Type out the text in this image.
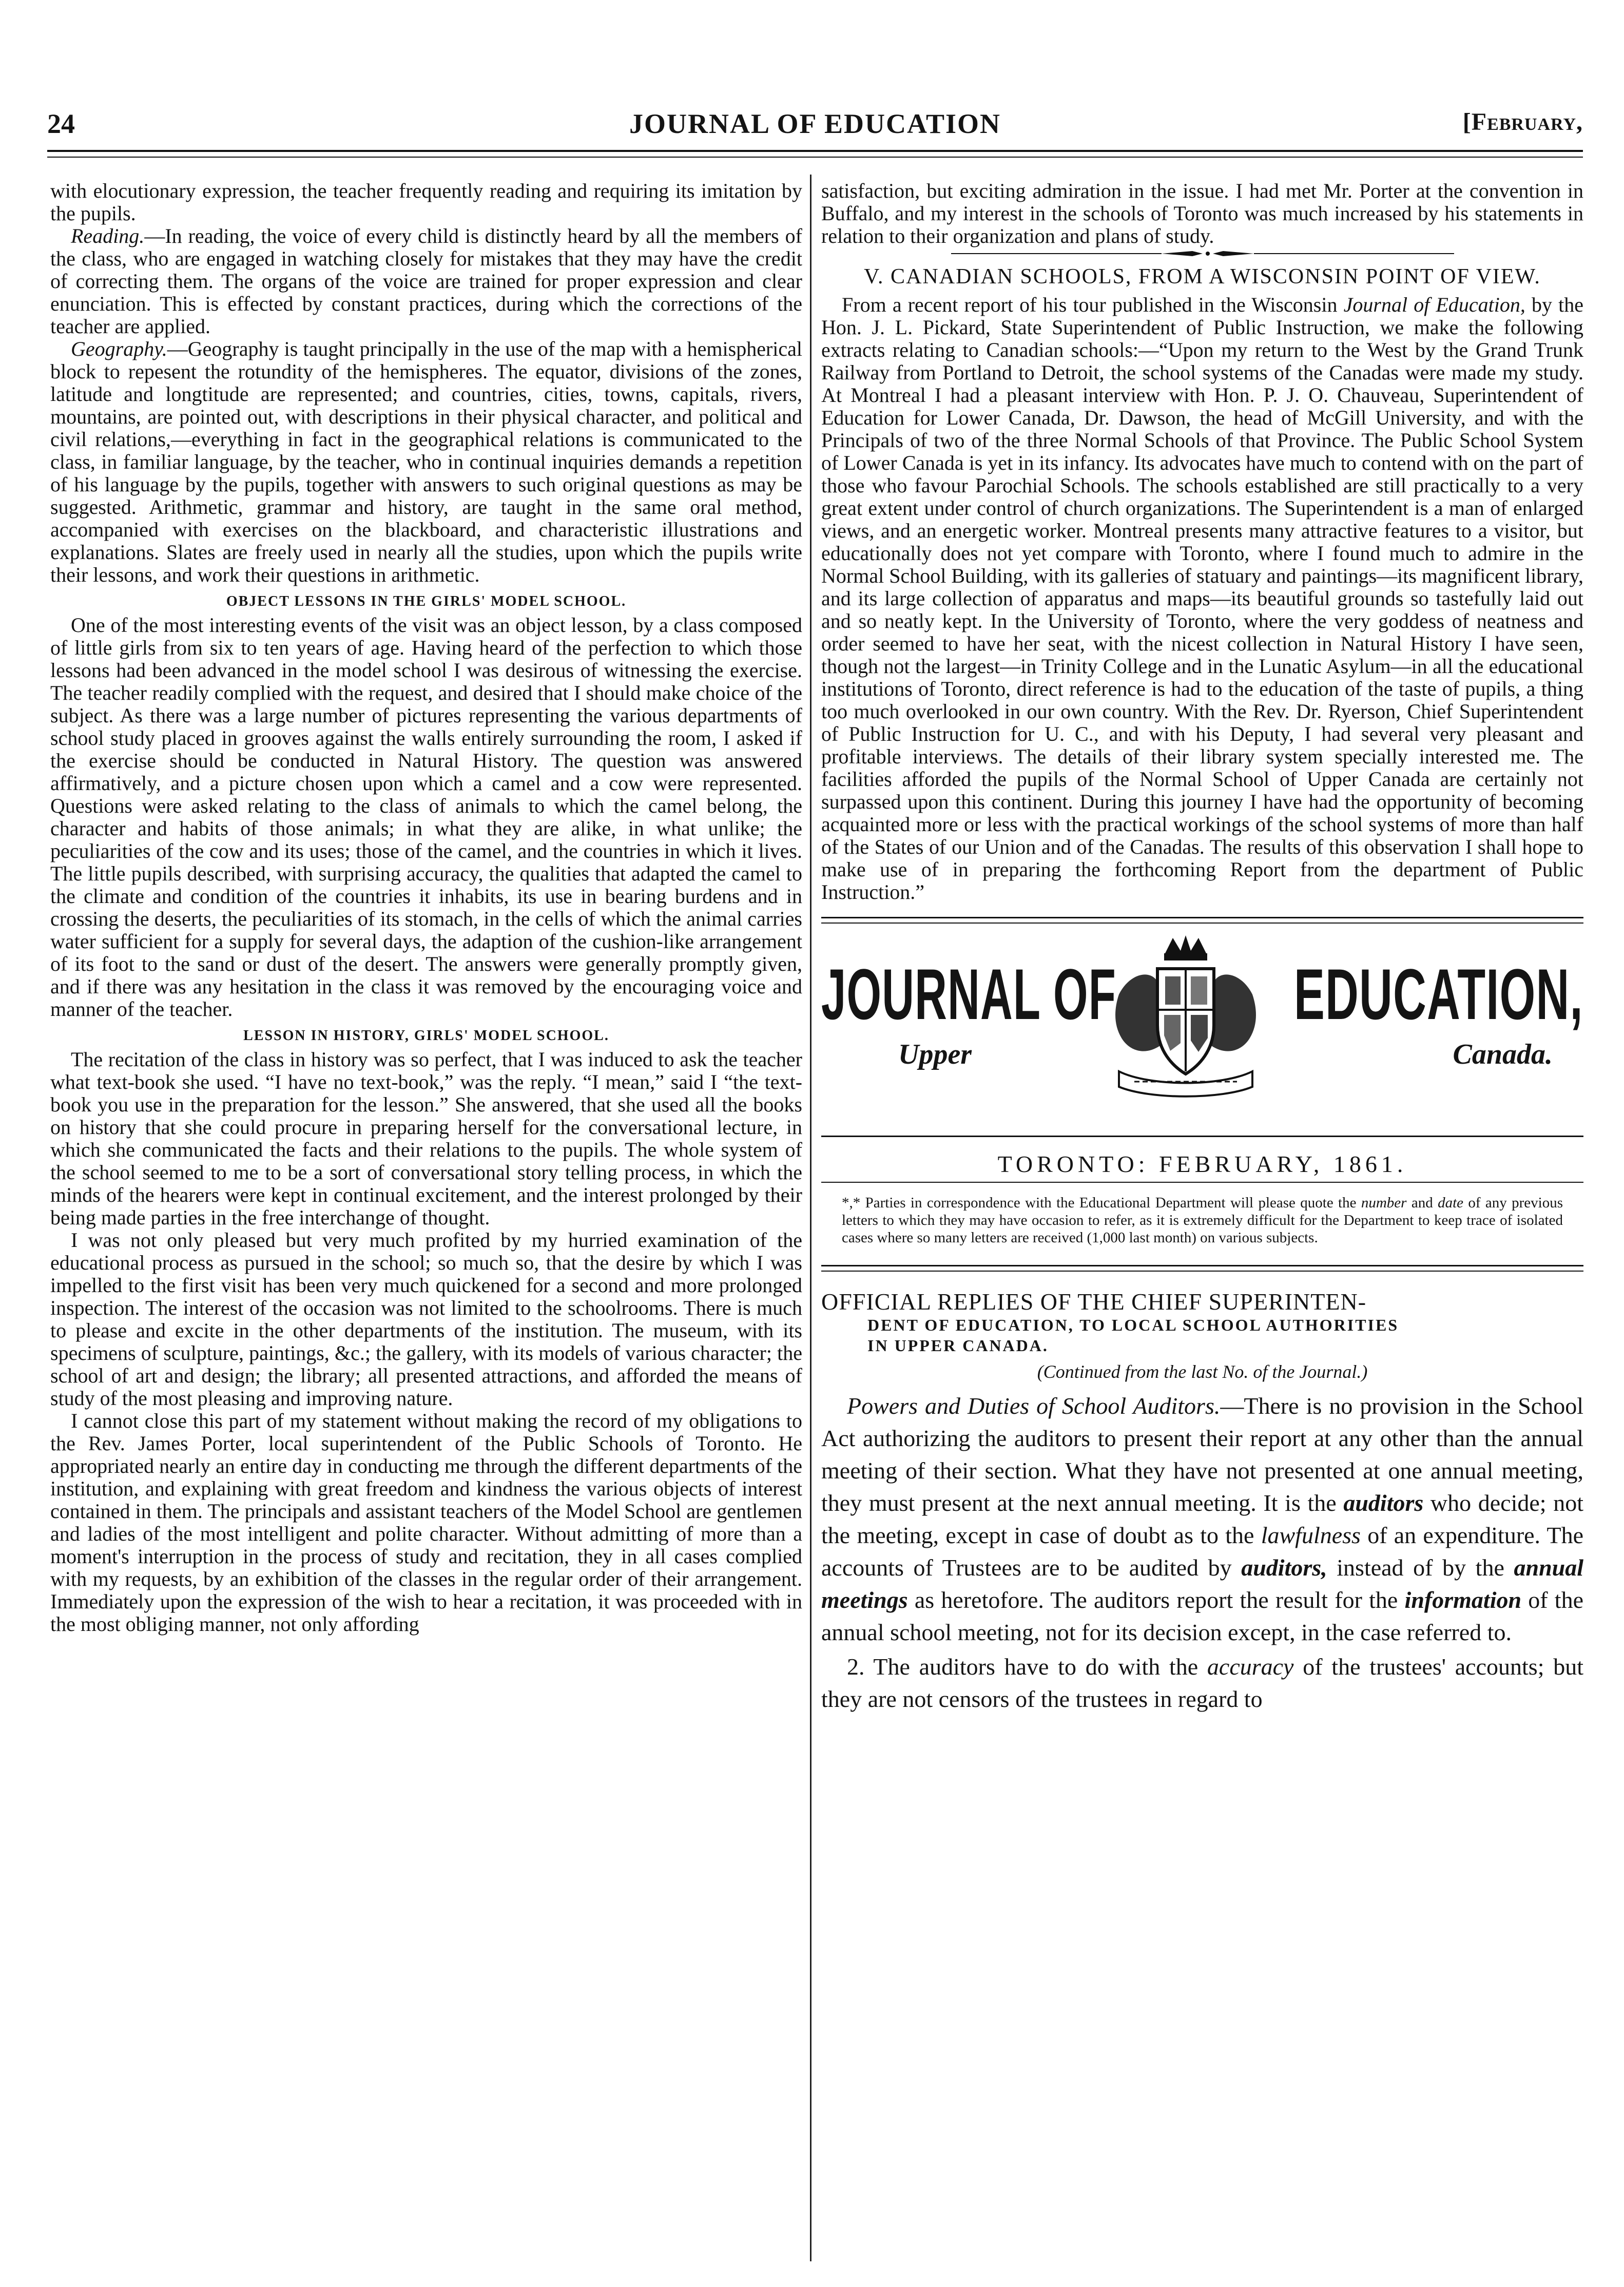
24	JOURNAL OF EDUCATION	[February,

with elocutionary expression, the teacher frequently reading and requiring its imitation by the pupils.

Reading.—In reading, the voice of every child is distinctly heard by all the members of the class, who are engaged in watching closely for mistakes that they may have the credit of correcting them. The organs of the voice are trained for proper expression and clear enunciation. This is effected by constant practices, during which the corrections of the teacher are applied.

Geography.—Geography is taught principally in the use of the map with a hemispherical block to repesent the rotundity of the hemispheres. The equator, divisions of the zones, latitude and longtitude are represented; and countries, cities, towns, capitals, rivers, mountains, are pointed out, with descriptions in their physical character, and political and civil relations,—everything in fact in the geographical relations is communicated to the class, in familiar language, by the teacher, who in continual inquiries demands a repetition of his language by the pupils, together with answers to such original questions as may be suggested. Arithmetic, grammar and history, are taught in the same oral method, accompanied with exercises on the blackboard, and characteristic illustrations and explanations. Slates are freely used in nearly all the studies, upon which the pupils write their lessons, and work their questions in arithmetic.

OBJECT LESSONS IN THE GIRLS' MODEL SCHOOL.

One of the most interesting events of the visit was an object lesson, by a class composed of little girls from six to ten years of age. Having heard of the perfection to which those lessons had been advanced in the model school I was desirous of witnessing the exercise. The teacher readily complied with the request, and desired that I should make choice of the subject. As there was a large number of pictures representing the various departments of school study placed in grooves against the walls entirely surrounding the room, I asked if the exercise should be conducted in Natural History. The question was answered affirmatively, and a picture chosen upon which a camel and a cow were represented. Questions were asked relating to the class of animals to which the camel belong, the character and habits of those animals; in what they are alike, in what unlike; the peculiarities of the cow and its uses; those of the camel, and the countries in which it lives. The little pupils described, with surprising accuracy, the qualities that adapted the camel to the climate and condition of the countries it inhabits, its use in bearing burdens and in crossing the deserts, the peculiarities of its stomach, in the cells of which the animal carries water sufficient for a supply for several days, the adaption of the cushion-like arrangement of its foot to the sand or dust of the desert. The answers were generally promptly given, and if there was any hesitation in the class it was removed by the encouraging voice and manner of the teacher.

LESSON IN HISTORY, GIRLS' MODEL SCHOOL.

The recitation of the class in history was so perfect, that I was induced to ask the teacher what text-book she used. “I have no text-book,” was the reply. “I mean,” said I “the text-book you use in the preparation for the lesson.” She answered, that she used all the books on history that she could procure in preparing herself for the conversational lecture, in which she communicated the facts and their relations to the pupils. The whole system of the school seemed to me to be a sort of conversational story telling process, in which the minds of the hearers were kept in continual excitement, and the interest prolonged by their being made parties in the free interchange of thought.

I was not only pleased but very much profited by my hurried examination of the educational process as pursued in the school; so much so, that the desire by which I was impelled to the first visit has been very much quickened for a second and more prolonged inspection. The interest of the occasion was not limited to the schoolrooms. There is much to please and excite in the other departments of the institution. The museum, with its specimens of sculpture, paintings, &c.; the gallery, with its models of various character; the school of art and design; the library; all presented attractions, and afforded the means of study of the most pleasing and improving nature.

I cannot close this part of my statement without making the record of my obligations to the Rev. James Porter, local superintendent of the Public Schools of Toronto. He appropriated nearly an entire day in conducting me through the different departments of the institution, and explaining with great freedom and kindness the various objects of interest contained in them. The principals and assistant teachers of the Model School are gentlemen and ladies of the most intelligent and polite character. Without admitting of more than a moment's interruption in the process of study and recitation, they in all cases complied with my requests, by an exhibition of the classes in the regular order of their arrangement. Immediately upon the expression of the wish to hear a recitation, it was proceeded with in the most obliging manner, not only affording

satisfaction, but exciting admiration in the issue. I had met Mr. Porter at the convention in Buffalo, and my interest in the schools of Toronto was much increased by his statements in relation to their organization and plans of study.

V. CANADIAN SCHOOLS, FROM A WISCONSIN POINT OF VIEW.

From a recent report of his tour published in the Wisconsin Journal of Education, by the Hon. J. L. Pickard, State Superintendent of Public Instruction, we make the following extracts relating to Canadian schools:—“Upon my return to the West by the Grand Trunk Railway from Portland to Detroit, the school systems of the Canadas were made my study. At Montreal I had a pleasant interview with Hon. P. J. O. Chauveau, Superintendent of Education for Lower Canada, Dr. Dawson, the head of McGill University, and with the Principals of two of the three Normal Schools of that Province. The Public School System of Lower Canada is yet in its infancy. Its advocates have much to contend with on the part of those who favour Parochial Schools. The schools established are still practically to a very great extent under control of church organizations. The Superintendent is a man of enlarged views, and an energetic worker. Montreal presents many attractive features to a visitor, but educationally does not yet compare with Toronto, where I found much to admire in the Normal School Building, with its galleries of statuary and paintings—its magnificent library, and its large collection of apparatus and maps—its beautiful grounds so tastefully laid out and so neatly kept. In the University of Toronto, where the very goddess of neatness and order seemed to have her seat, with the nicest collection in Natural History I have seen, though not the largest—in Trinity College and in the Lunatic Asylum—in all the educational institutions of Toronto, direct reference is had to the education of the taste of pupils, a thing too much overlooked in our own country. With the Rev. Dr. Ryerson, Chief Superintendent of Public Instruction for U. C., and with his Deputy, I had several very pleasant and profitable interviews. The details of their library system specially interested me. The facilities afforded the pupils of the Normal School of Upper Canada are certainly not surpassed upon this continent. During this journey I have had the opportunity of becoming acquainted more or less with the practical workings of the school systems of more than half of the States of our Union and of the Canadas. The results of this observation I shall hope to make use of in preparing the forthcoming Report from the department of Public Instruction.”

JOURNAL OF EDUCATION,
Upper	Canada.
TORONTO: FEBRUARY, 1861.

*,* Parties in correspondence with the Educational Department will please quote the number and date of any previous letters to which they may have occasion to refer, as it is extremely difficult for the Department to keep trace of isolated cases where so many letters are received (1,000 last month) on various subjects.

OFFICIAL REPLIES OF THE CHIEF SUPERINTEN-
DENT OF EDUCATION, TO LOCAL SCHOOL AUTHORITIES
IN UPPER CANADA.
(Continued from the last No. of the Journal.)

Powers and Duties of School Auditors.—There is no provision in the School Act authorizing the auditors to present their report at any other than the annual meeting of their section. What they have not presented at one annual meeting, they must present at the next annual meeting. It is the auditors who decide; not the meeting, except in case of doubt as to the lawfulness of an expenditure. The accounts of Trustees are to be audited by auditors, instead of by the annual meetings as heretofore. The auditors report the result for the information of the annual school meeting, not for its decision except, in the case referred to.

2. The auditors have to do with the accuracy of the trustees' accounts; but they are not censors of the trustees in regard to
